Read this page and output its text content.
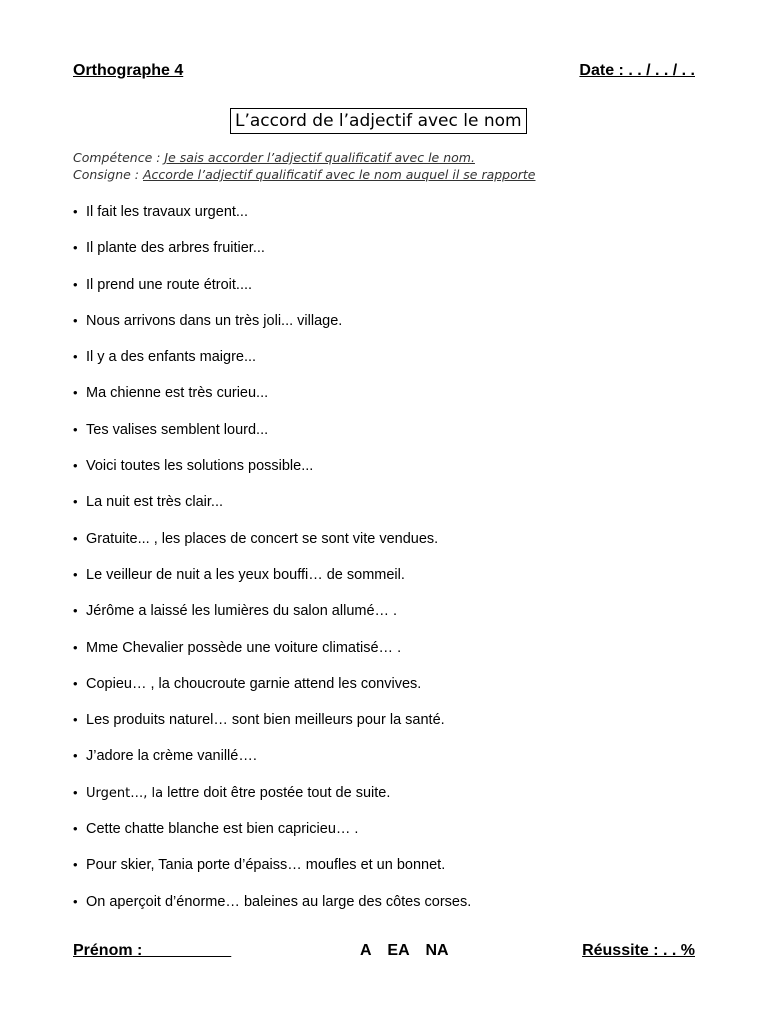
Orthographe 4	Date : . . / . . / . .
L’accord de l’adjectif avec le nom
Compétence : Je sais accorder l’adjectif qualificatif avec le nom.
Consigne : Accorde l’adjectif qualificatif avec le nom auquel il se rapporte
• Il fait les travaux urgent...
• Il plante des arbres fruitier...
• Il prend une route étroit....
• Nous arrivons dans un très joli... village.
• Il y a des enfants maigre...
• Ma chienne est très curieu...
• Tes valises semblent lourd...
• Voici toutes les solutions possible...
• La nuit est très clair...
• Gratuite... , les places de concert se sont vite vendues.
• Le veilleur de nuit a les yeux bouffi… de sommeil.
• Jérôme a laissé les lumières du salon allumé… .
• Mme Chevalier possède une voiture climatisé… .
• Copieu… , la choucroute garnie attend les convives.
• Les produits naturel… sont bien meilleurs pour la santé.
• J’adore la crème vanillé….
• Urgent…, la lettre doit être postée tout de suite.
• Cette chatte blanche est bien capricieu… .
• Pour skier, Tania porte d’épaiss… moufles et un bonnet.
• On aperçoit d’énorme… baleines au large des côtes corses.
Prénom :	A EA NA	Réussite : . . %
